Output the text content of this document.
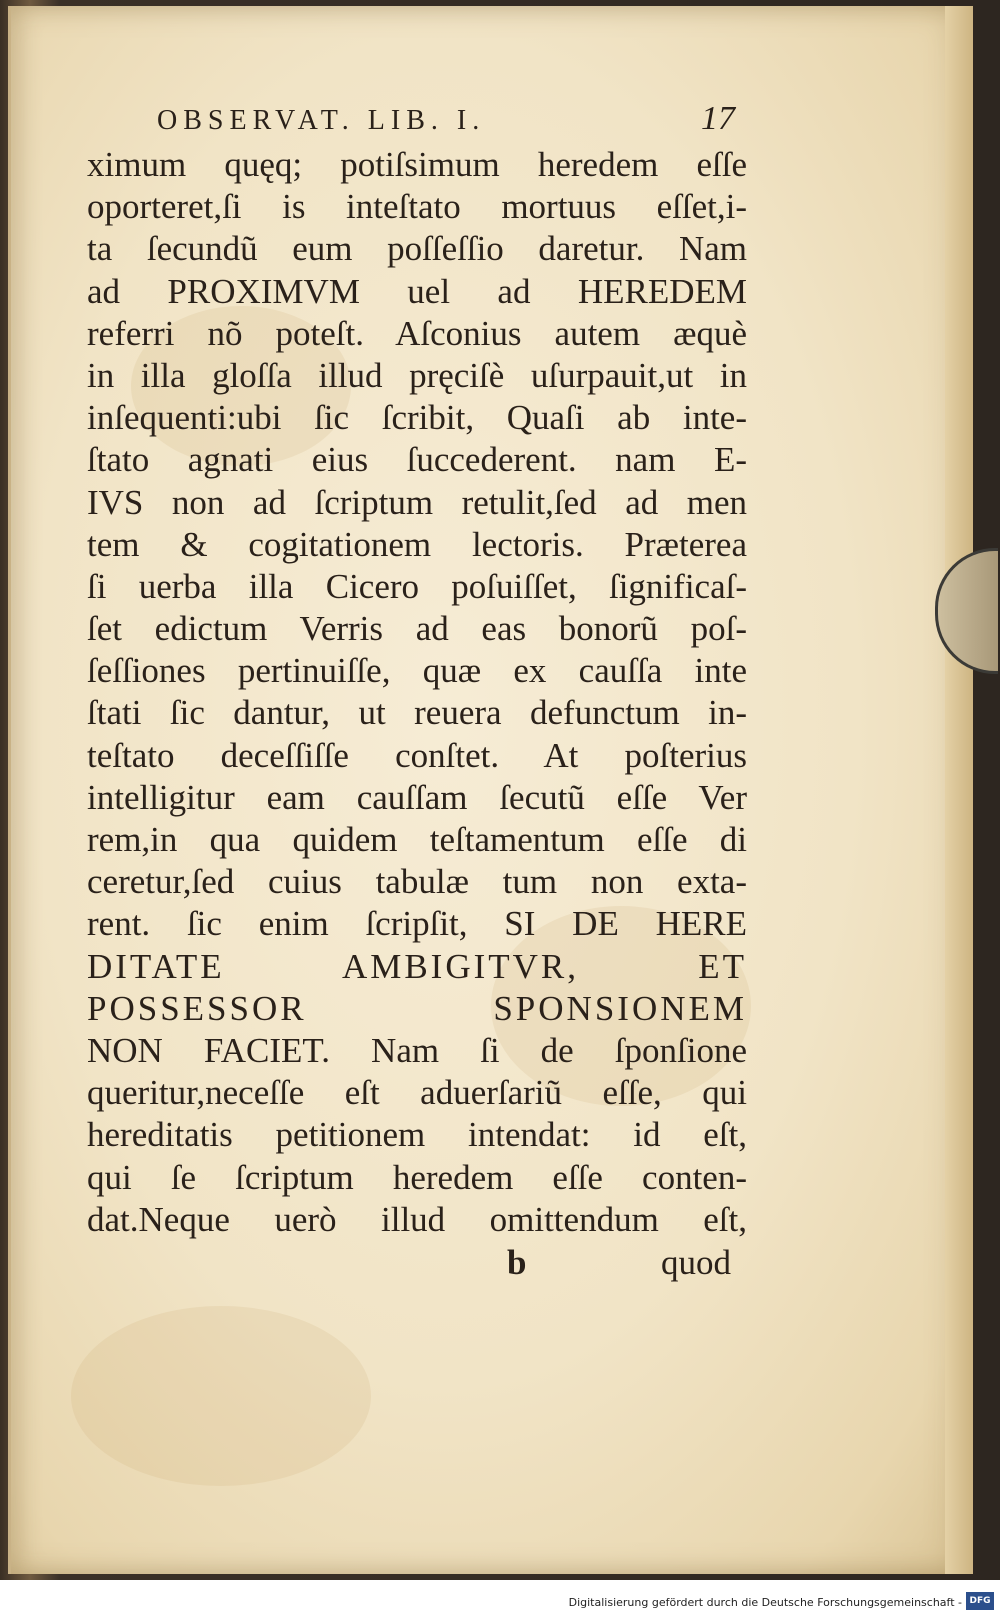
OBSERVAT. LIB. I.	17
ximum quęq; potiſsimum heredem eſſe
oporteret,ſi is inteſtato mortuus eſſet,i-
ta ſecundũ eum poſſeſſio daretur. Nam
ad PROXIMVM uel ad HEREDEM
referri nõ poteſt. Aſconius autem æquè
in illa gloſſa illud pręciſè uſurpauit,ut in
inſequenti:ubi ſic ſcribit, Quaſi ab inte-
ſtato agnati eius ſuccederent. nam E-
IVS non ad ſcriptum retulit,ſed ad men
tem & cogitationem lectoris. Præterea
ſi uerba illa Cicero poſuiſſet, ſignificaſ-
ſet edictum Verris ad eas bonorũ poſ-
ſeſſiones pertinuiſſe, quæ ex cauſſa inte
ſtati ſic dantur, ut reuera defunctum in-
teſtato deceſſiſſe conſtet. At poſterius
intelligitur eam cauſſam ſecutũ eſſe Ver
rem,in qua quidem teſtamentum eſſe di
ceretur,ſed cuius tabulæ tum non exta-
rent. ſic enim ſcripſit, SI DE HERE
DITATE AMBIGITVR, ET
POSSESSOR SPONSIONEM
NON FACIET. Nam ſi de ſponſione
queritur,neceſſe eſt aduerſariũ eſſe, qui
hereditatis petitionem intendat: id eſt,
qui ſe ſcriptum heredem eſſe conten-
dat.Neque uerò illud omittendum eſt,
b	quod
Digitalisierung gefördert durch die Deutsche Forschungsgemeinschaft - DFG
